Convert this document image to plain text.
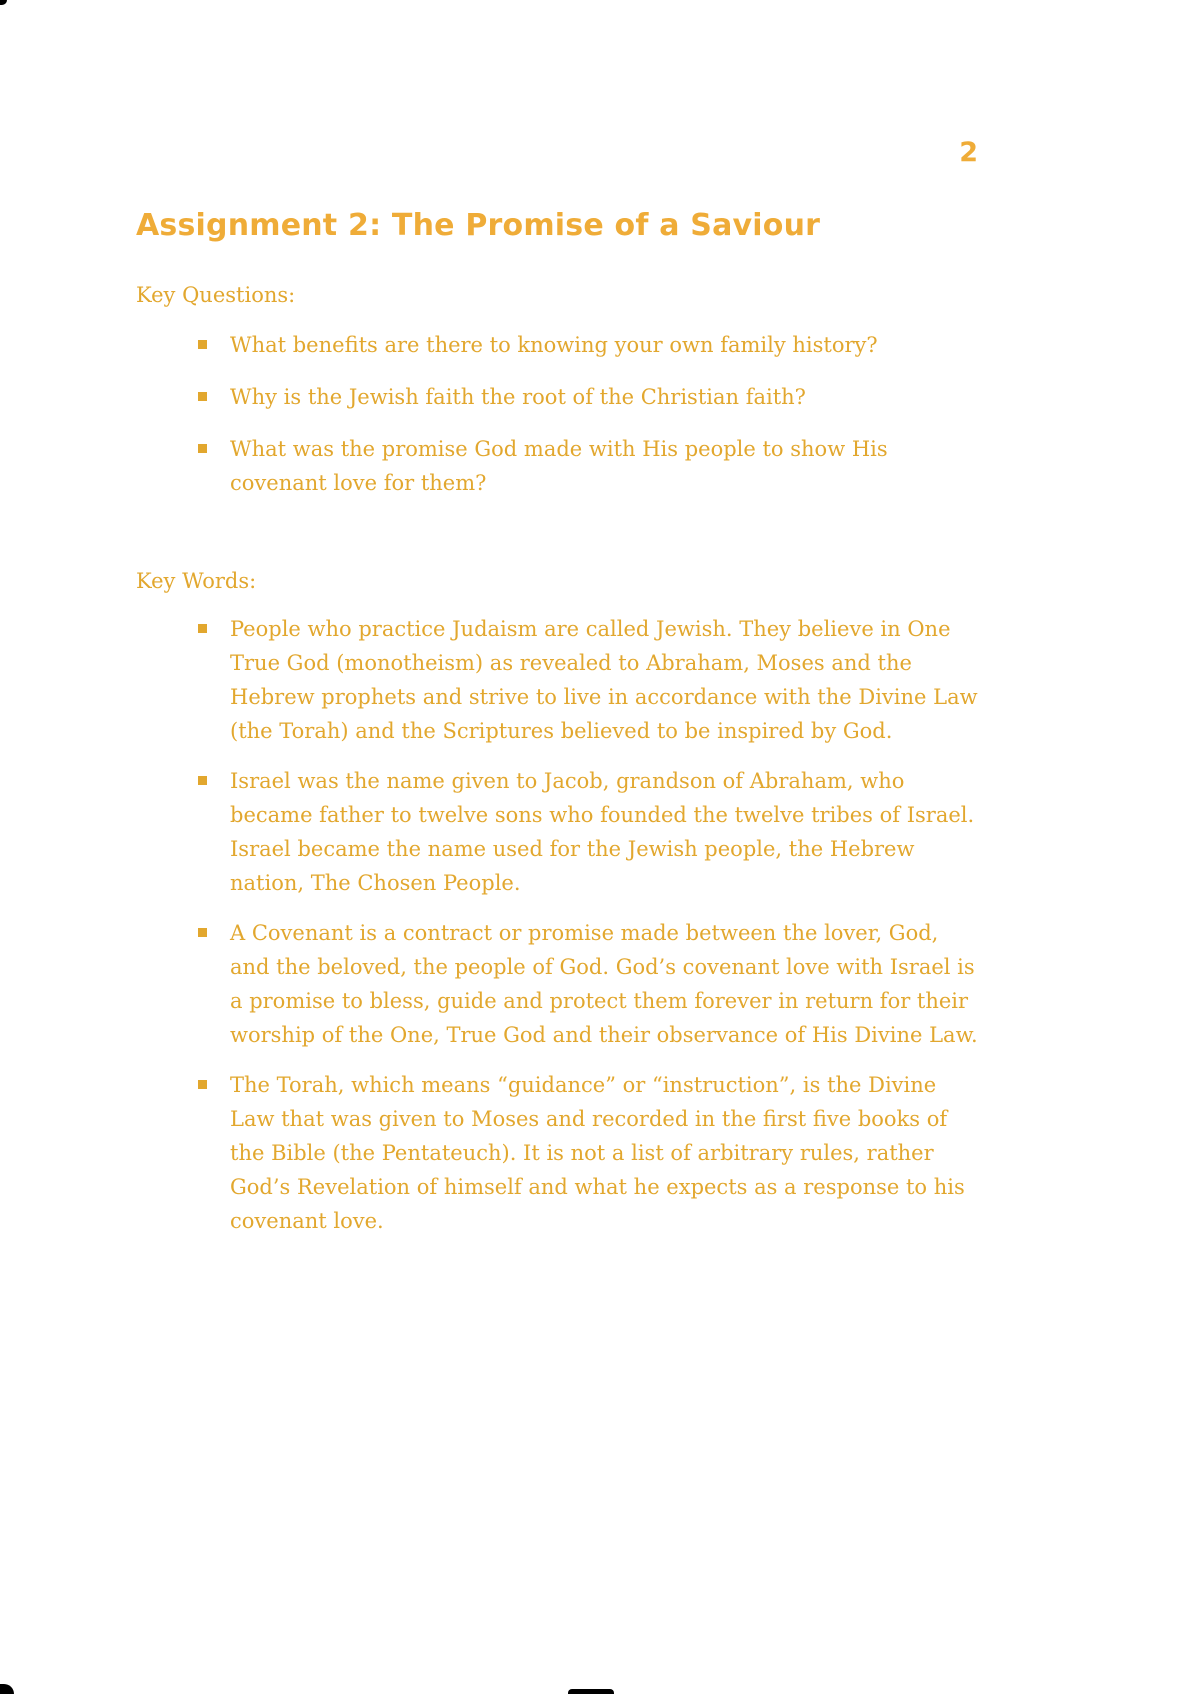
2
Assignment 2: The Promise of a Saviour
Key Questions:
What benefits are there to knowing your own family history?
Why is the Jewish faith the root of the Christian faith?
What was the promise God made with His people to show His covenant love for them?
Key Words:
People who practice Judaism are called Jewish. They believe in One True God (monotheism) as revealed to Abraham, Moses and the Hebrew prophets and strive to live in accordance with the Divine Law (the Torah) and the Scriptures believed to be inspired by God.
Israel was the name given to Jacob, grandson of Abraham, who became father to twelve sons who founded the twelve tribes of Israel. Israel became the name used for the Jewish people, the Hebrew nation, The Chosen People.
A Covenant is a contract or promise made between the lover, God, and the beloved, the people of God. God’s covenant love with Israel is a promise to bless, guide and protect them forever in return for their worship of the One, True God and their observance of His Divine Law.
The Torah, which means “guidance” or “instruction”, is the Divine Law that was given to Moses and recorded in the first five books of the Bible (the Pentateuch). It is not a list of arbitrary rules, rather God’s Revelation of himself and what he expects as a response to his covenant love.
